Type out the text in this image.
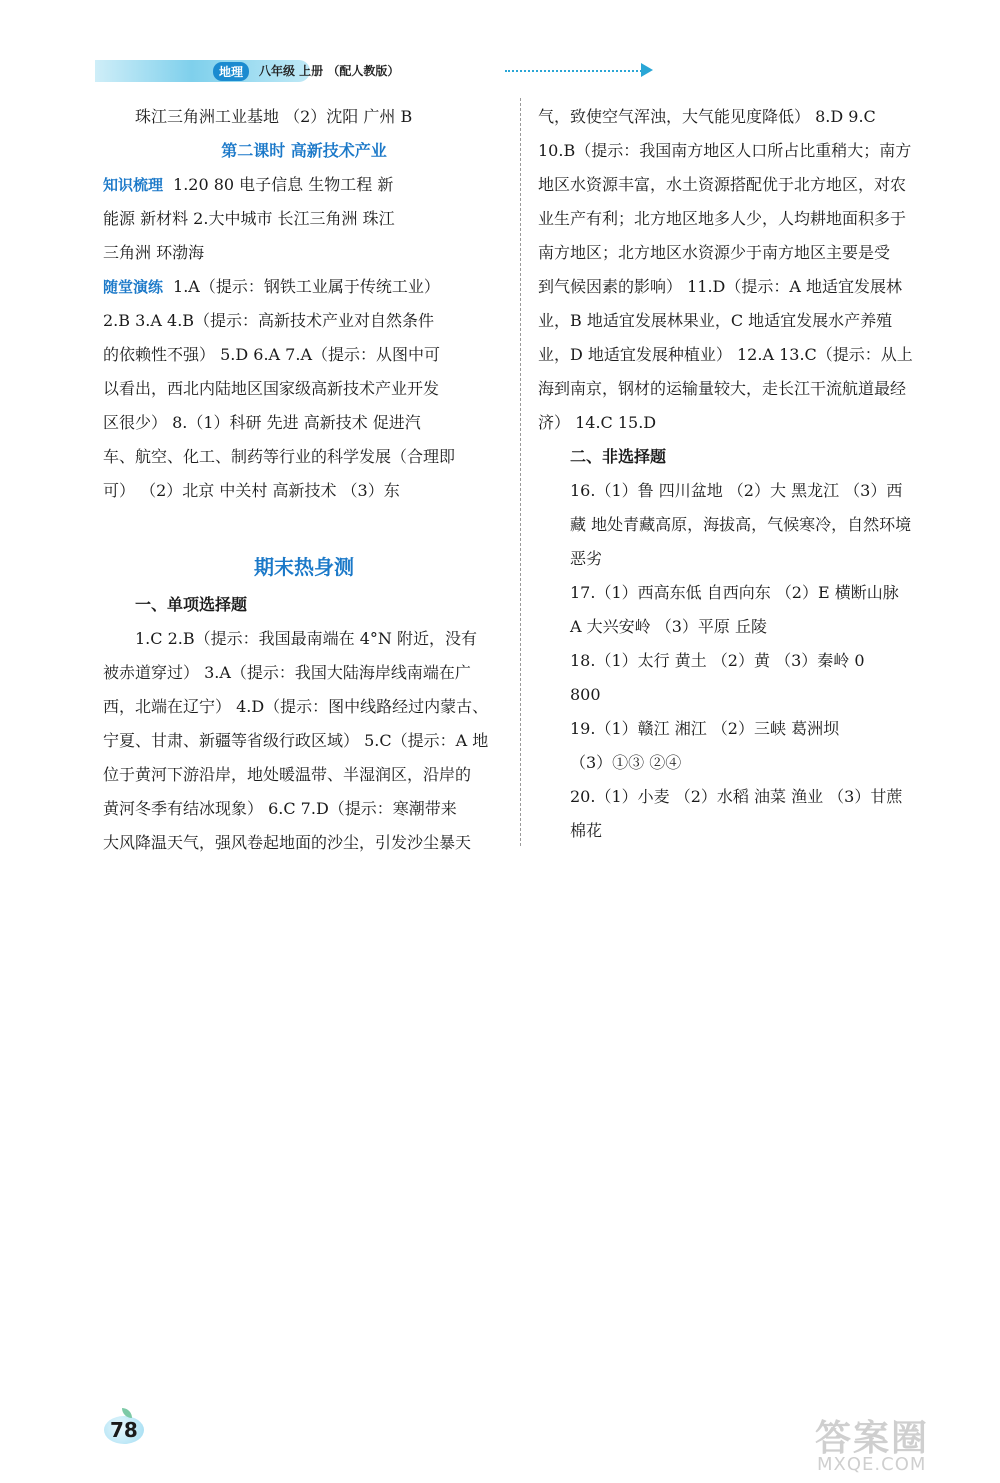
地理	八年级 上册 （配人教版）

珠江三角洲工业基地 （2）沈阳 广州 B

第二课时 高新技术产业

知识梳理 1.20 80 电子信息 生物工程 新

能源 新材料 2.大中城市 长江三角洲 珠江

三角洲 环渤海

随堂演练 1.A（提示：钢铁工业属于传统工业）

2.B 3.A 4.B（提示：高新技术产业对自然条件

的依赖性不强） 5.D 6.A 7.A（提示：从图中可

以看出，西北内陆地区国家级高新技术产业开发

区很少） 8.（1）科研 先进 高新技术 促进汽

车、航空、化工、制药等行业的科学发展（合理即

可） （2）北京 中关村 高新技术 （3）东

期末热身测

一、单项选择题

1.C 2.B（提示：我国最南端在 4°N 附近，没有

被赤道穿过） 3.A（提示：我国大陆海岸线南端在广

西，北端在辽宁） 4.D（提示：图中线路经过内蒙古、

宁夏、甘肃、新疆等省级行政区域） 5.C（提示：A 地

位于黄河下游沿岸，地处暖温带、半湿润区，沿岸的

黄河冬季有结冰现象） 6.C 7.D（提示：寒潮带来

大风降温天气，强风卷起地面的沙尘，引发沙尘暴天

气，致使空气浑浊，大气能见度降低） 8.D 9.C

10.B（提示：我国南方地区人口所占比重稍大；南方

地区水资源丰富，水土资源搭配优于北方地区，对农

业生产有利；北方地区地多人少，人均耕地面积多于

南方地区；北方地区水资源少于南方地区主要是受

到气候因素的影响） 11.D（提示：A 地适宜发展林

业，B 地适宜发展林果业，C 地适宜发展水产养殖

业，D 地适宜发展种植业） 12.A 13.C（提示：从上

海到南京，钢材的运输量较大，走长江干流航道最经

济） 14.C 15.D

二、非选择题

16.（1）鲁 四川盆地 （2）大 黑龙江 （3）西

藏 地处青藏高原，海拔高，气候寒冷，自然环境

恶劣

17.（1）西高东低 自西向东 （2）E 横断山脉

A 大兴安岭 （3）平原 丘陵

18.（1）太行 黄土 （2）黄 （3）秦岭 0

800

19.（1）赣江 湘江 （2）三峡 葛洲坝

（3）①③ ②④

20.（1）小麦 （2）水稻 油菜 渔业 （3）甘蔗

棉花

78	答案圈
MXQE.COM
